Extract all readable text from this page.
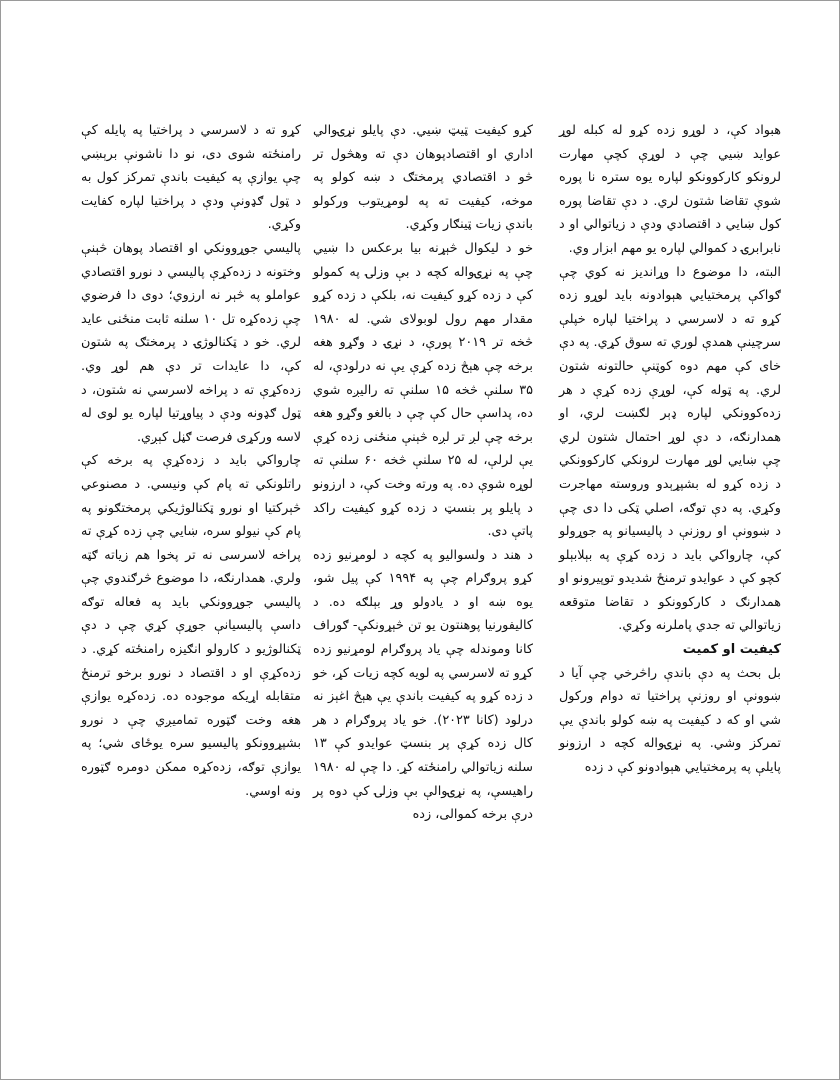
هبواد کې، د لوړو زده کړو له کبله لوړ عواید ښيي چې د لوړې کچې مهارت لرونکو کارکوونکو لپاره یوه ستره نا پوره شوې تقاضا شتون لري. د دې تقاضا پوره کول ښايي د اقتصادي ودې د زياتوالي او د نابرابرۍ د کموالي لپاره يو مهم ابزار وي.

البته، دا موضوع دا وړاندیز نه کوي چې ګواکې پرمختیايي هېوادونه بايد لوړو زده کړو ته د لاسرسي د پراختيا لپاره خپلې سرچينې همدې لوري ته سوق کړي. په دې خاى کې مهم دوه کوټنې حالتونه شتون لري. په ټوله کې، لوړې زده کړې د هر زده‌کوونکي لپاره ډېر لګښت لري، او همدارنګه، د دې لوړ احتمال شتون لري چې ښايي لوړ مهارت لرونکي کارکوونکي د زده کړو له بشپړېدو وروسته مهاجرت وکړي. په دې توګه، اصلي ټکی دا دی چې د ښوونې او روزنې د پالیسیانو په جوړولو کې، چارواکي بايد د زده کړې په بېلابېلو کچو کې د عوايدو ترمنځ شديدو توپيرونو او همدارنګ د کارکوونکو د تقاضا متوقعه زياتوالي ته جدي پاملرنه وکړي.

کيفيت او کميت

بل بحث په دې باندې راڅرخي چې آيا د ښوونې او روزنې پراختيا ته دوام ورکول شي او که د کيفيت په ښه کولو باندې يې تمرکز وشي. په نړۍ‌واله کچه د ارزونو پايلې په پرمختیايي هېوادونو کې د زده

کړو کيفيت ټيټ ښيي. دې پايلو نړۍ‌والي اداري او اقتصادپوهان دې ته وهڅول تر څو د اقتصادي پرمختګ د ښه کولو په موخه، کيفيت ته په لومړيتوب ورکولو باندې زيات ټينګار وکړي.

خو د ليکوال څېړنه بيا برعکس دا ښيي چې په نړۍ‌واله کچه د بې وزلۍ په کمولو کې د زده کړو کيفيت نه، بلکې د زده کړو مقدار مهم رول لوبولای شي. له ۱۹۸۰ څخه تر ۲۰۱۹ پورې، د نړۍ د وګړو هغه برخه چې هېڅ زده کړې يې نه درلودې، له ۳۵ سلنې څخه ۱۵ سلنې ته رالیږه شوي ده، پداسې حال کې چې د بالغو وګړو هغه برخه چې لږ تر لږه څېنې منځنی زده کړې يې لرلې، له ۲۵ سلنې څخه ۶۰ سلنې ته لوړه شوې ده. په ورته وخت کې، د ارزونو د پايلو پر بنسټ د زده کړو کيفيت راکد پاتې دی.

د هند د ولسواليو په کچه د لومړنيو زده کړو پروګرام چې په ۱۹۹۴ کې پيل شو، يوه ښه او د يادولو وړ بېلګه ده. د کاليفورنيا پوهنتون يو تن څېړونکې- ګوراف کانا وموندله چې ياد پروګرام لومړنيو زده کړو ته لاسرسي په لويه کچه زيات کړ، خو د زده کړو په کيفيت باندې يې هېڅ اغېز نه درلود (کانا ۲۰۲۳). خو ياد پروګرام د هر کال زده کړې پر بنسټ عوايدو کې ۱۳ سلنه زياتوالي رامنځته کړ. دا چې له ۱۹۸۰ راهيسې، په نړۍ‌والې بې وزلۍ کې دوه پر درې برخه کموالی، زده

کړو ته د لاسرسي د پراختيا په پايله کې رامنځته شوی دی، نو دا ناشونې برېښي چې يوازې په کيفيت باندې تمرکز کول به د ټول ګډونې ودې د پراختيا لپاره کفايت وکړي.

پالیسي جوړوونکي او اقتصاد پوهان څېنې وختونه د زده‌کړې پاليسي د نورو اقتصادي عواملو په څېر نه ارزوي؛ دوی دا فرضوي چې زده‌کړه تل ۱۰ سلنه ثابت منځنی عايد لري. خو د ټکنالوژۍ د پرمختګ په شتون کې، دا عايدات تر دې هم لوړ وي. زده‌کړې ته د پراخه لاسرسي نه شتون، د ټول ګډونه ودې د پياوړتيا لپاره يو لوی له لاسه ورکړی فرصت ګڼل کېږي.

چارواکي بايد د زده‌کړې په برخه کې راتلونکي ته پام کې ونيسي. د مصنوعي څېرکتيا او نورو ټکنالوژيکي پرمختګونو په پام کې نيولو سره، ښايي چې زده کړې ته پراخه لاسرسی نه تر پخوا هم زياته ګټه ولري. همدارنګه، دا موضوع څرګندوي چې پالیسي جوړوونکي بايد په فعاله توګه داسې پالیسيانې جوړې کړي چې د دې ټکنالوژيو د کارولو انګيزه رامنځته کړي. د زده‌کړې او د اقتصاد د نورو برخو ترمنځ متقابله اړيکه موجوده ده. زده‌کړه يوازې هغه وخت ګټوره تماميږي چې د نورو بشپړوونکو پاليسيو سره يوځای شي؛ په يوازې توګه، زده‌کړه ممکن دومره ګټوره ونه اوسي.
